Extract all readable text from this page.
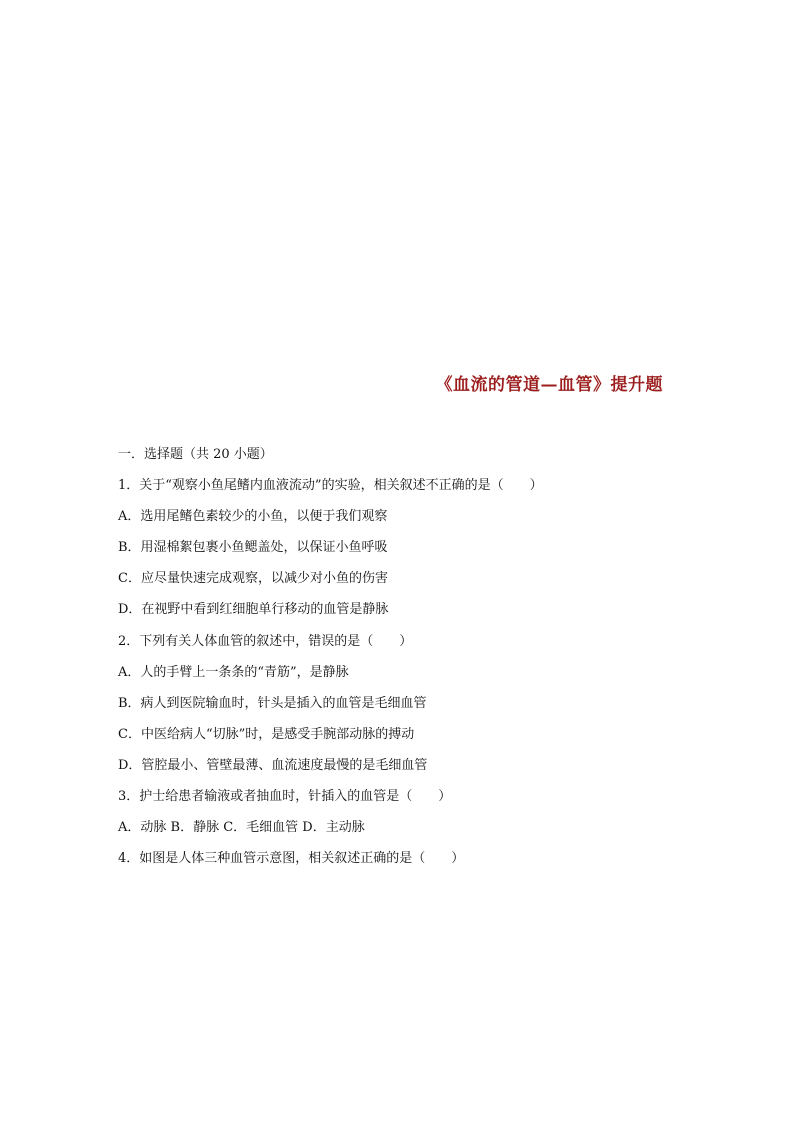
《血流的管道—血管》提升题
一．选择题（共 20 小题）
1．关于“观察小鱼尾鳍内血液流动”的实验，相关叙述不正确的是（　　）
A．选用尾鳍色素较少的小鱼，以便于我们观察
B．用湿棉絮包裹小鱼鳃盖处，以保证小鱼呼吸
C．应尽量快速完成观察，以减少对小鱼的伤害
D．在视野中看到红细胞单行移动的血管是静脉
2．下列有关人体血管的叙述中，错误的是（　　）
A．人的手臂上一条条的“青筋”，是静脉
B．病人到医院输血时，针头是插入的血管是毛细血管
C．中医给病人“切脉”时，是感受手腕部动脉的搏动
D．管腔最小、管壁最薄、血流速度最慢的是毛细血管
3．护士给患者输液或者抽血时，针插入的血管是（　　）
A．动脉 B．静脉 C．毛细血管 D．主动脉
4．如图是人体三种血管示意图，相关叙述正确的是（　　）
